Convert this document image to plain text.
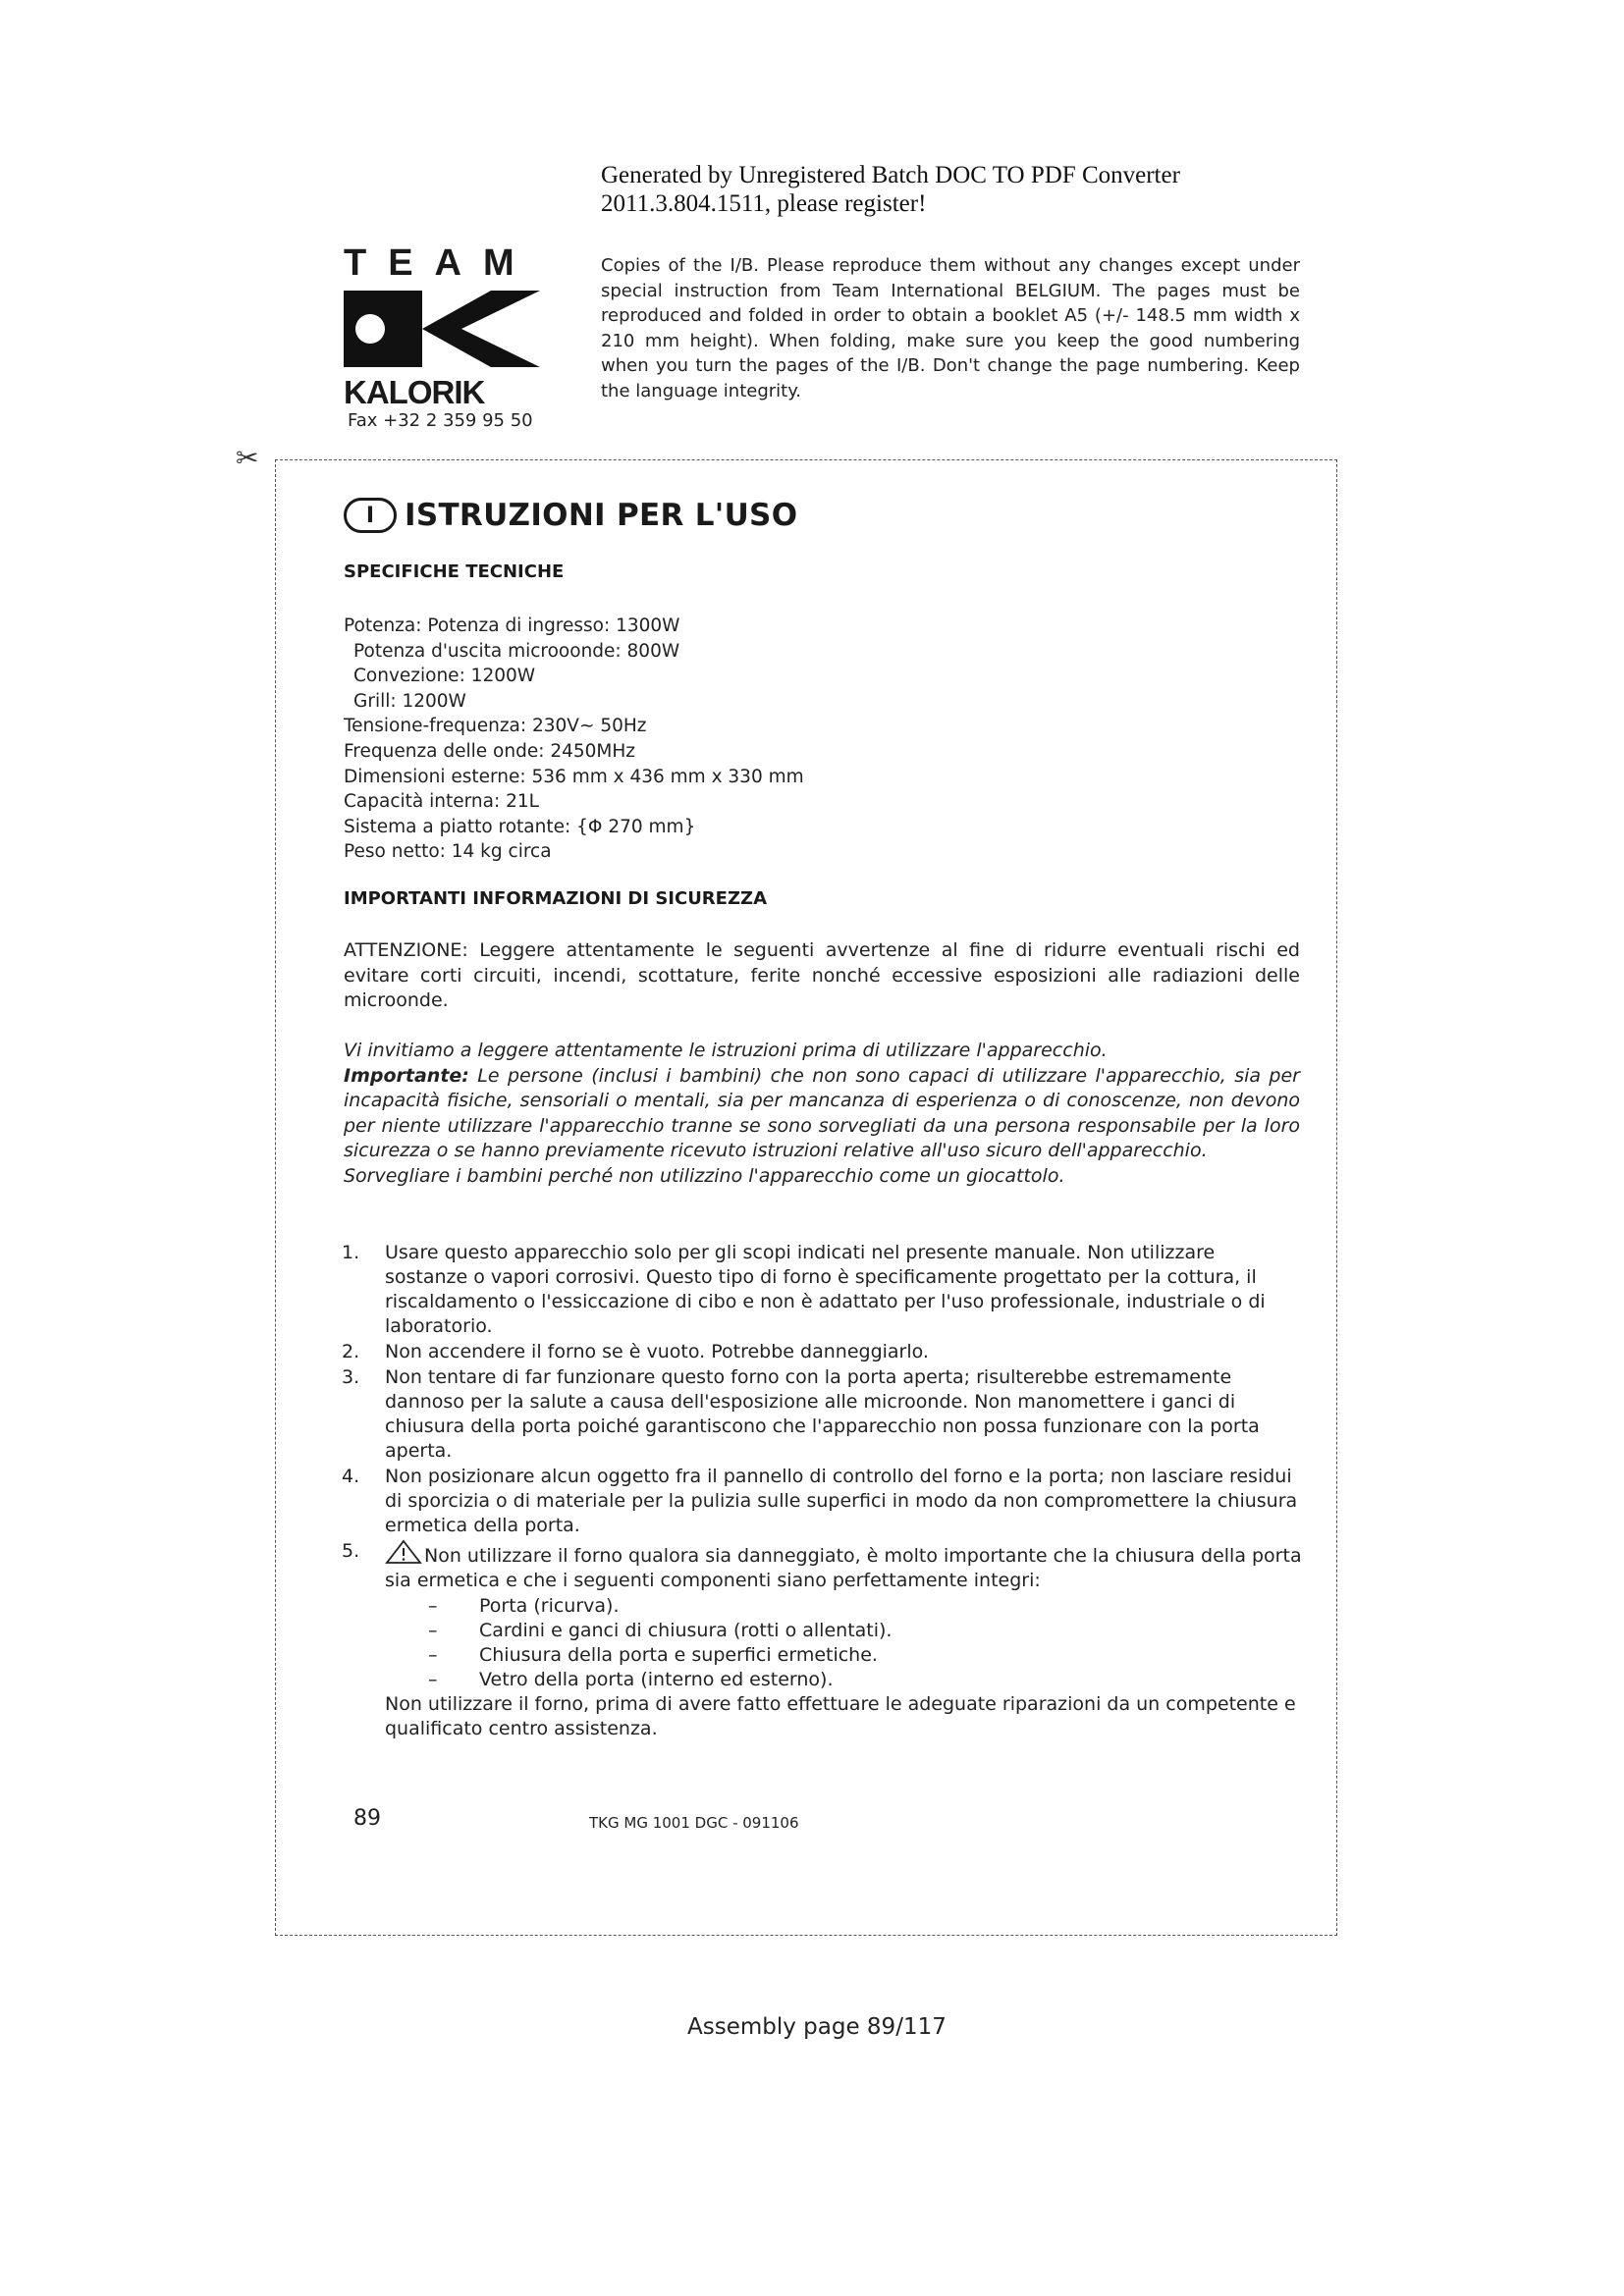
Generated by Unregistered Batch DOC TO PDF Converter
2011.3.804.1511, please register!
TEAM
KALORIK
Fax +32 2 359 95 50
Copies of the I/B. Please reproduce them without any changes except under special instruction from Team International BELGIUM. The pages must be reproduced and folded in order to obtain a booklet A5 (+/- 148.5 mm width x 210 mm height). When folding, make sure you keep the good numbering when you turn the pages of the I/B. Don't change the page numbering. Keep the language integrity.
✂
I ISTRUZIONI PER L'USO
SPECIFICHE TECNICHE
Potenza: Potenza di ingresso: 1300W
Potenza d'uscita microoonde: 800W
Convezione: 1200W
Grill: 1200W
Tensione-frequenza: 230V~ 50Hz
Frequenza delle onde: 2450MHz
Dimensioni esterne: 536 mm x 436 mm x 330 mm
Capacità interna: 21L
Sistema a piatto rotante: {Φ 270 mm}
Peso netto: 14 kg circa
IMPORTANTI INFORMAZIONI DI SICUREZZA
ATTENZIONE: Leggere attentamente le seguenti avvertenze al fine di ridurre eventuali rischi ed evitare corti circuiti, incendi, scottature, ferite nonché eccessive esposizioni alle radiazioni delle microonde.
Vi invitiamo a leggere attentamente le istruzioni prima di utilizzare l'apparecchio.
Importante: Le persone (inclusi i bambini) che non sono capaci di utilizzare l'apparecchio, sia per incapacità fisiche, sensoriali o mentali, sia per mancanza di esperienza o di conoscenze, non devono per niente utilizzare l'apparecchio tranne se sono sorvegliati da una persona responsabile per la loro sicurezza o se hanno previamente ricevuto istruzioni relative all'uso sicuro dell'apparecchio.
Sorvegliare i bambini perché non utilizzino l'apparecchio come un giocattolo.
1.	Usare questo apparecchio solo per gli scopi indicati nel presente manuale. Non utilizzare sostanze o vapori corrosivi. Questo tipo di forno è specificamente progettato per la cottura, il riscaldamento o l'essiccazione di cibo e non è adattato per l'uso professionale, industriale o di laboratorio.
2.	Non accendere il forno se è vuoto. Potrebbe danneggiarlo.
3.	Non tentare di far funzionare questo forno con la porta aperta; risulterebbe estremamente dannoso per la salute a causa dell'esposizione alle microonde. Non manomettere i ganci di chiusura della porta poiché garantiscono che l'apparecchio non possa funzionare con la porta aperta.
4.	Non posizionare alcun oggetto fra il pannello di controllo del forno e la porta; non lasciare residui di sporcizia o di materiale per la pulizia sulle superfici in modo da non compromettere la chiusura ermetica della porta.
5.	Non utilizzare il forno qualora sia danneggiato, è molto importante che la chiusura della porta sia ermetica e che i seguenti componenti siano perfettamente integri:
–	Porta (ricurva).
–	Cardini e ganci di chiusura (rotti o allentati).
–	Chiusura della porta e superfici ermetiche.
–	Vetro della porta (interno ed esterno).
Non utilizzare il forno, prima di avere fatto effettuare le adeguate riparazioni da un competente e qualificato centro assistenza.
89	TKG MG 1001 DGC - 091106
Assembly page 89/117
